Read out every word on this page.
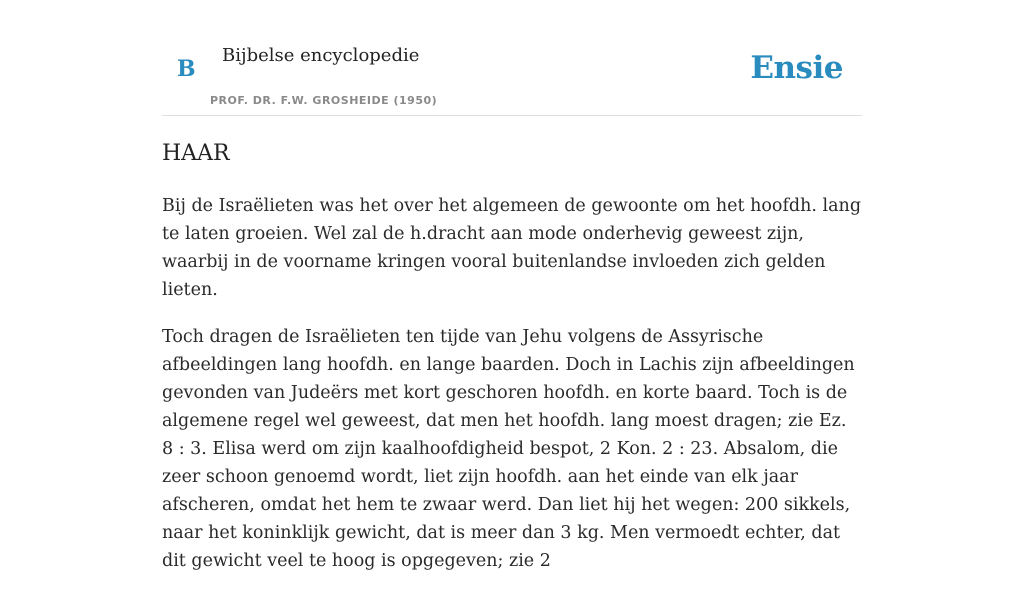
B
Bijbelse encyclopedie
PROF. DR. F.W. GROSHEIDE (1950)
Ensie
HAAR

Bij de Israëlieten was het over het algemeen de gewoonte om het hoofdh. lang te laten groeien. Wel zal de h.dracht aan mode onderhevig geweest zijn, waarbij in de voorname kringen vooral buitenlandse invloeden zich gelden lieten.

Toch dragen de Israëlieten ten tijde van Jehu volgens de Assyrische afbeeldingen lang hoofdh. en lange baarden. Doch in Lachis zijn afbeeldingen gevonden van Judeërs met kort geschoren hoofdh. en korte baard. Toch is de algemene regel wel geweest, dat men het hoofdh. lang moest dragen; zie Ez. 8 : 3. Elisa werd om zijn kaalhoofdigheid bespot, 2 Kon. 2 : 23. Absalom, die zeer schoon genoemd wordt, liet zijn hoofdh. aan het einde van elk jaar afscheren, omdat het hem te zwaar werd. Dan liet hij het wegen: 200 sikkels, naar het koninklijk gewicht, dat is meer dan 3 kg. Men vermoedt echter, dat dit gewicht veel te hoog is opgegeven; zie 2
